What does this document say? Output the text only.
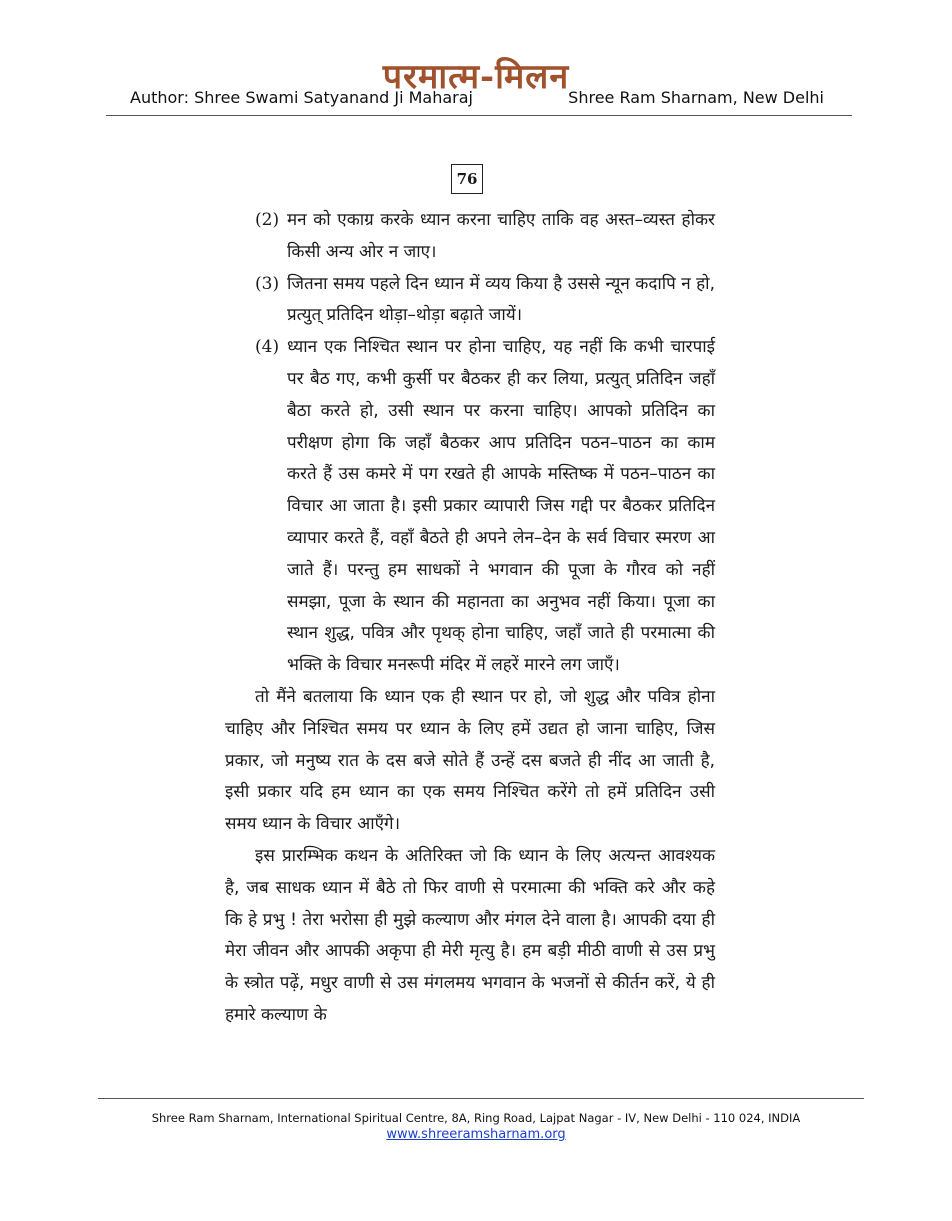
परमात्म-मिलन
Author: Shree Swami Satyanand Ji Maharaj	Shree Ram Sharnam, New Delhi
76
(2) मन को एकाग्र करके ध्यान करना चाहिए ताकि वह अस्त–व्यस्त होकर किसी अन्य ओर न जाए।

(3) जितना समय पहले दिन ध्यान में व्यय किया है उससे न्यून कदापि न हो, प्रत्युत् प्रतिदिन थोड़ा–थोड़ा बढ़ाते जायें।

(4) ध्यान एक निश्चित स्थान पर होना चाहिए, यह नहीं कि कभी चारपाई पर बैठ गए, कभी कुर्सी पर बैठकर ही कर लिया, प्रत्युत् प्रतिदिन जहाँ बैठा करते हो, उसी स्थान पर करना चाहिए। आपको प्रतिदिन का परीक्षण होगा कि जहाँ बैठकर आप प्रतिदिन पठन–पाठन का काम करते हैं उस कमरे में पग रखते ही आपके मस्तिष्क में पठन–पाठन का विचार आ जाता है। इसी प्रकार व्यापारी जिस गद्दी पर बैठकर प्रतिदिन व्यापार करते हैं, वहाँ बैठते ही अपने लेन–देन के सर्व विचार स्मरण आ जाते हैं। परन्तु हम साधकों ने भगवान की पूजा के गौरव को नहीं समझा, पूजा के स्थान की महानता का अनुभव नहीं किया। पूजा का स्थान शुद्ध, पवित्र और पृथक् होना चाहिए, जहाँ जाते ही परमात्मा की भक्ति के विचार मनरूपी मंदिर में लहरें मारने लग जाएँ।

तो मैंने बतलाया कि ध्यान एक ही स्थान पर हो, जो शुद्ध और पवित्र होना चाहिए और निश्चित समय पर ध्यान के लिए हमें उद्यत हो जाना चाहिए, जिस प्रकार, जो मनुष्य रात के दस बजे सोते हैं उन्हें दस बजते ही नींद आ जाती है, इसी प्रकार यदि हम ध्यान का एक समय निश्चित करेंगे तो हमें प्रतिदिन उसी समय ध्यान के विचार आएँगे।

इस प्रारम्भिक कथन के अतिरिक्त जो कि ध्यान के लिए अत्यन्त आवश्यक है, जब साधक ध्यान में बैठे तो फिर वाणी से परमात्मा की भक्ति करे और कहे कि हे प्रभु ! तेरा भरोसा ही मुझे कल्याण और मंगल देने वाला है। आपकी दया ही मेरा जीवन और आपकी अकृपा ही मेरी मृत्यु है। हम बड़ी मीठी वाणी से उस प्रभु के स्त्रोत पढ़ें, मधुर वाणी से उस मंगलमय भगवान के भजनों से कीर्तन करें, ये ही हमारे कल्याण के

Shree Ram Sharnam, International Spiritual Centre, 8A, Ring Road, Lajpat Nagar - IV, New Delhi - 110 024, INDIA
www.shreeramsharnam.org
